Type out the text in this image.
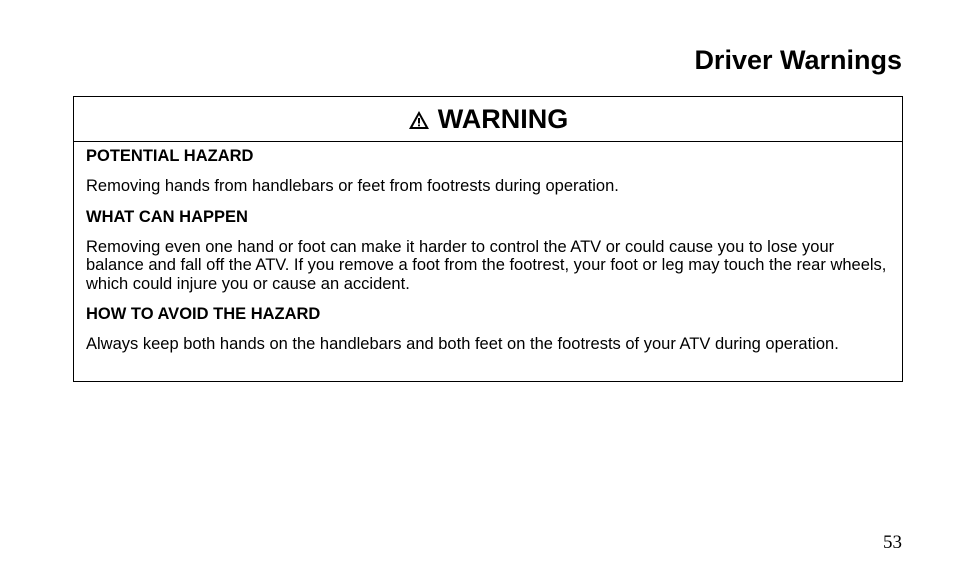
Driver Warnings
WARNING

POTENTIAL HAZARD

Removing hands from handlebars or feet from footrests during operation.

WHAT CAN HAPPEN

Removing even one hand or foot can make it harder to control the ATV or could cause you to lose your balance and fall off the ATV. If you remove a foot from the footrest, your foot or leg may touch the rear wheels, which could injure you or cause an accident.

HOW TO AVOID THE HAZARD

Always keep both hands on the handlebars and both feet on the footrests of your ATV during operation.

53
